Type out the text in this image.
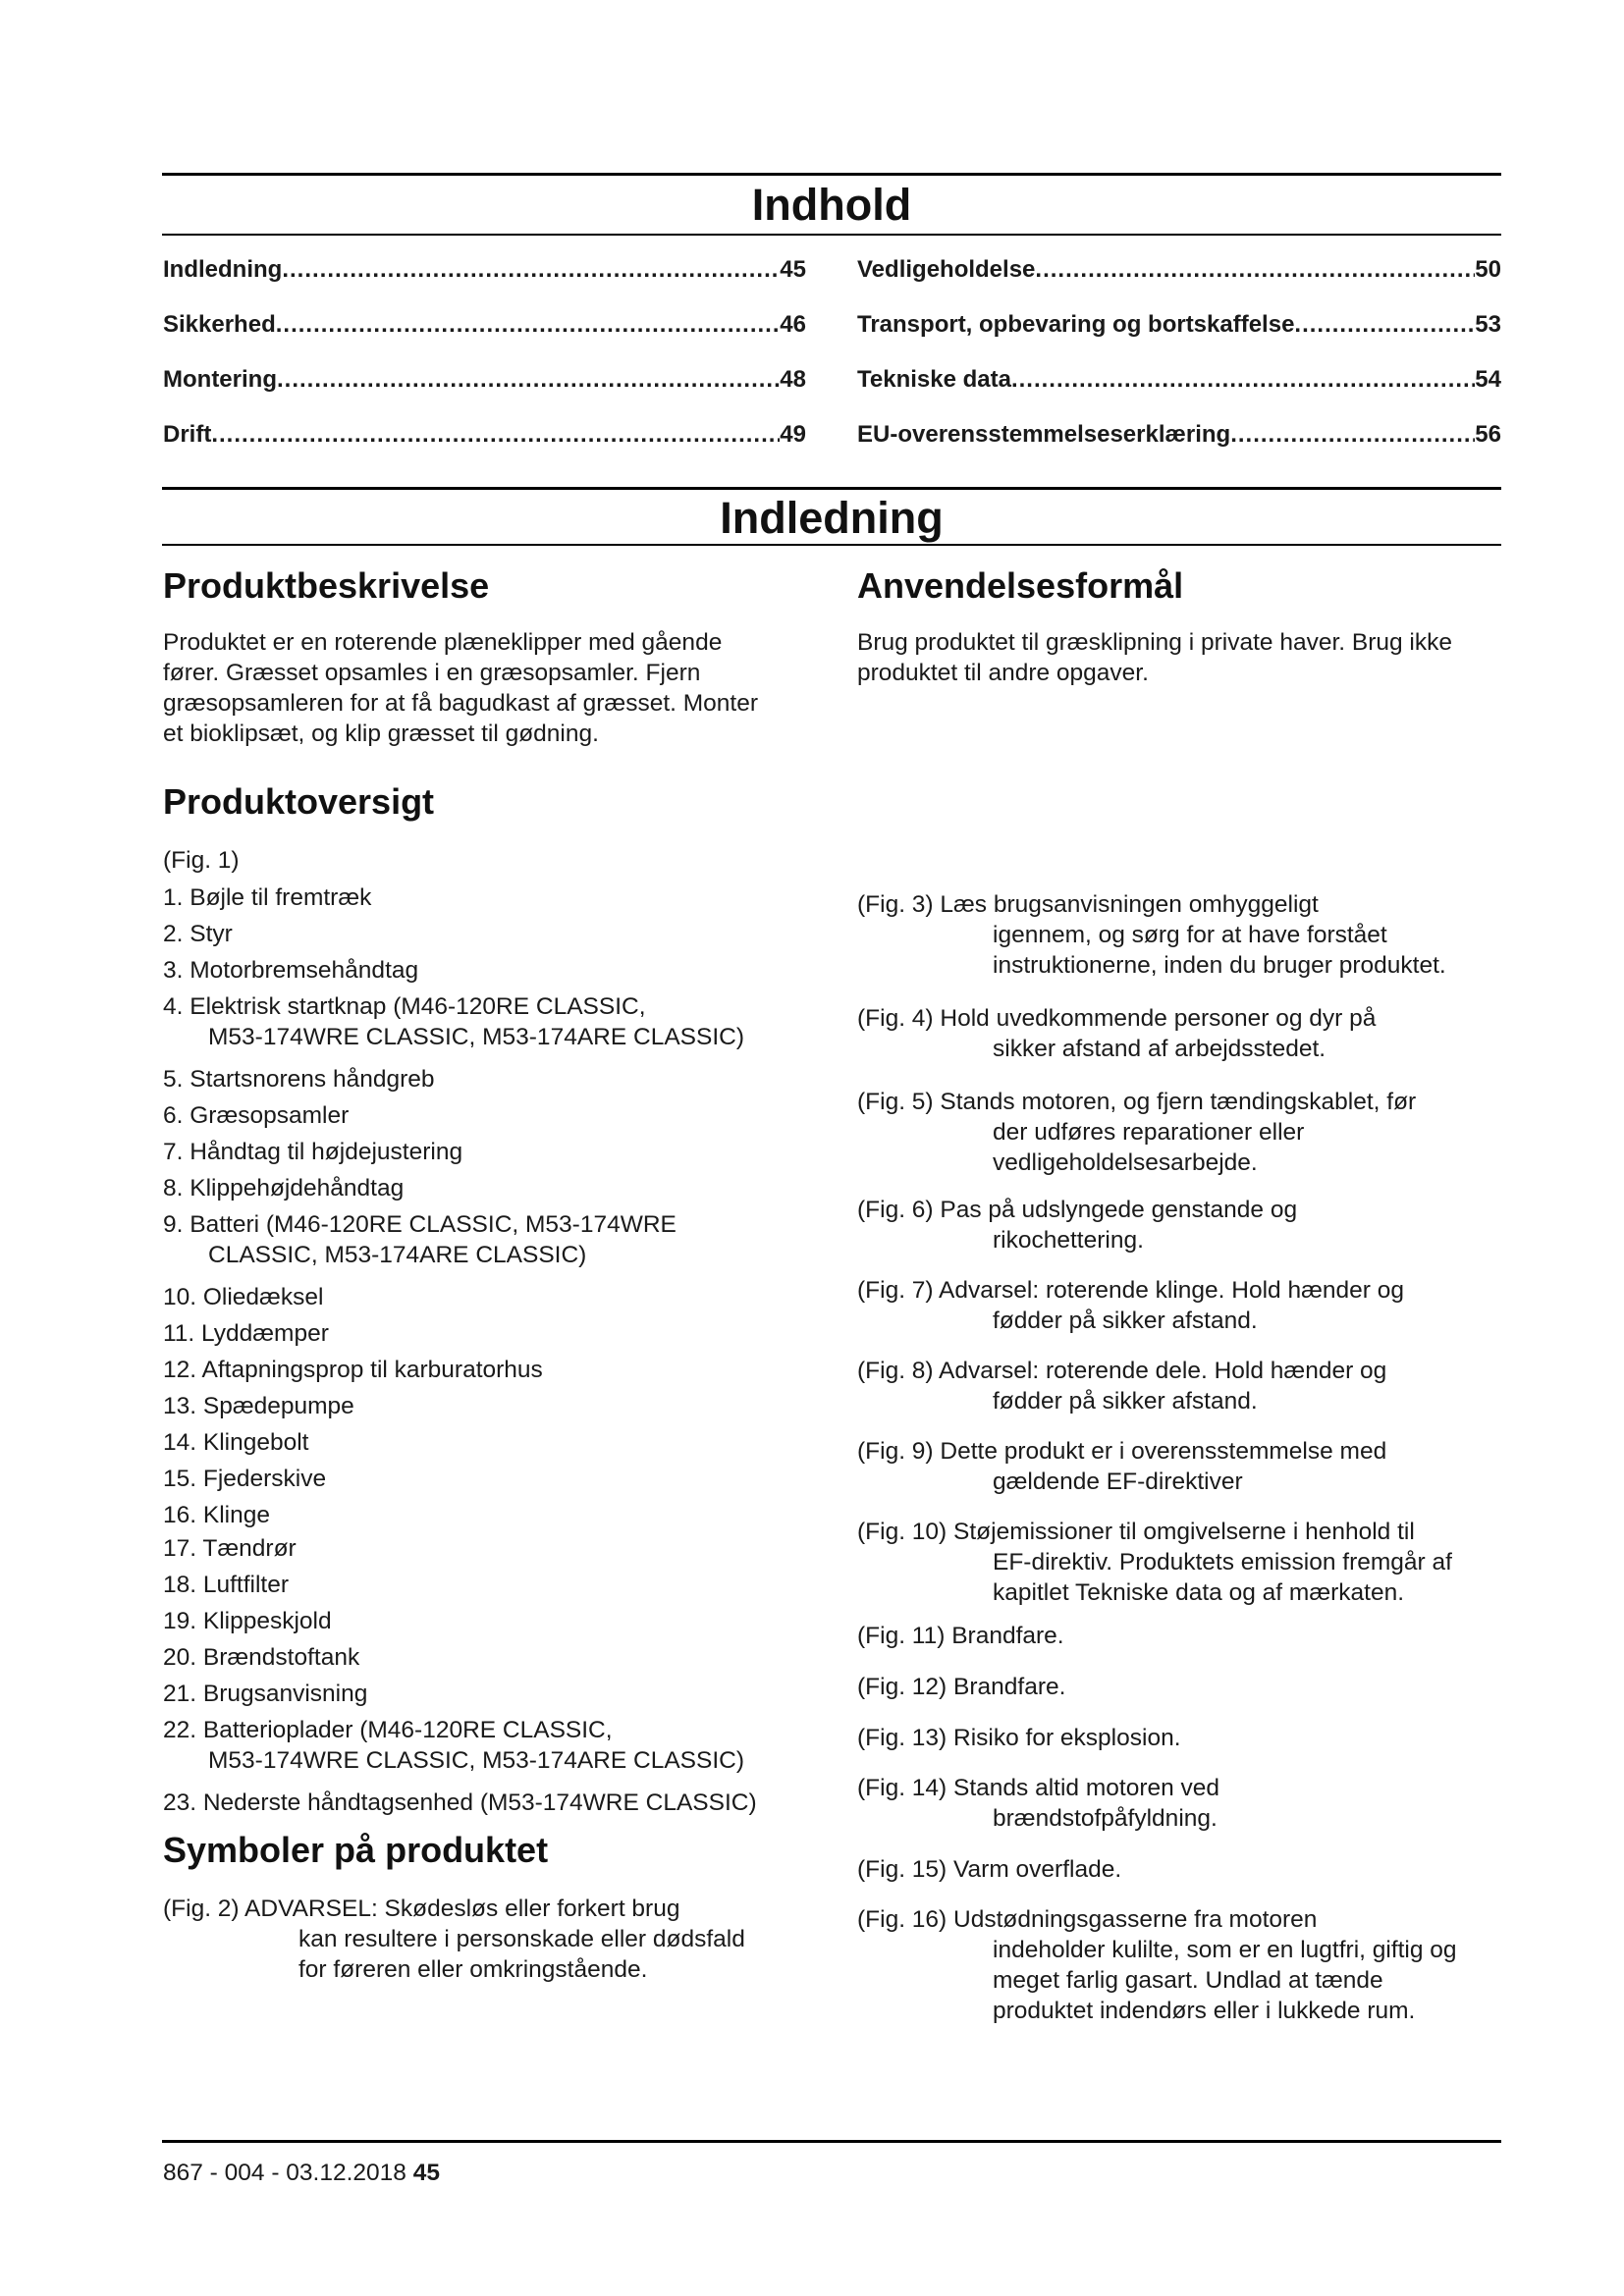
Indhold
Indledning .....	45
Sikkerhed .....	46
Montering .....	48
Drift .....	49
Vedligeholdelse .....	50
Transport, opbevaring og bortskaffelse .....	53
Tekniske data .....	54
EU-overensstemmelseserklæring .....	56
Indledning
Produktbeskrivelse

Produktet er en roterende plæneklipper med gående

fører. Græsset opsamles i en græsopsamler. Fjern

græsopsamleren for at få bagudkast af græsset. Monter

et bioklipsæt, og klip græsset til gødning.

Anvendelsesformål

Brug produktet til græsklipning i private haver. Brug ikke

produktet til andre opgaver.

Produktoversigt
(Fig. 1)
1. Bøjle til fremtræk
2. Styr
3. Motorbremsehåndtag
4. Elektrisk startknap (M46-120RE CLASSIC,
M53-174WRE CLASSIC, M53-174ARE CLASSIC)
5. Startsnorens håndgreb
6. Græsopsamler
7. Håndtag til højdejustering
8. Klippehøjdehåndtag
9. Batteri (M46-120RE CLASSIC, M53-174WRE
CLASSIC, M53-174ARE CLASSIC)
10. Oliedæksel
11. Lyddæmper
12. Aftapningsprop til karburatorhus
13. Spædepumpe
14. Klingebolt
15. Fjederskive
16. Klinge
17. Tændrør
18. Luftfilter
19. Klippeskjold
20. Brændstoftank
21. Brugsanvisning
22. Batterioplader (M46-120RE CLASSIC,
M53-174WRE CLASSIC, M53-174ARE CLASSIC)
23. Nederste håndtagsenhed (M53-174WRE CLASSIC)
Symboler på produktet
(Fig. 2) ADVARSEL: Skødesløs eller forkert brug
kan resultere i personskade eller dødsfald
for føreren eller omkringstående.
(Fig. 3) Læs brugsanvisningen omhyggeligt
igennem, og sørg for at have forstået
instruktionerne, inden du bruger produktet.
(Fig. 4) Hold uvedkommende personer og dyr på
sikker afstand af arbejdsstedet.
(Fig. 5) Stands motoren, og fjern tændingskablet, før
der udføres reparationer eller
vedligeholdelsesarbejde.
(Fig. 6) Pas på udslyngede genstande og
rikochettering.
(Fig. 7) Advarsel: roterende klinge. Hold hænder og
fødder på sikker afstand.
(Fig. 8) Advarsel: roterende dele. Hold hænder og
fødder på sikker afstand.
(Fig. 9) Dette produkt er i overensstemmelse med
gældende EF-direktiver
(Fig. 10) Støjemissioner til omgivelserne i henhold til
EF-direktiv. Produktets emission fremgår af
kapitlet Tekniske data og af mærkaten.
(Fig. 11) Brandfare.
(Fig. 12) Brandfare.
(Fig. 13) Risiko for eksplosion.
(Fig. 14) Stands altid motoren ved
brændstofpåfyldning.
(Fig. 15) Varm overflade.
(Fig. 16) Udstødningsgasserne fra motoren
indeholder kulilte, som er en lugtfri, giftig og
meget farlig gasart. Undlad at tænde
produktet indendørs eller i lukkede rum.
867 - 004 - 03.12.2018 45
